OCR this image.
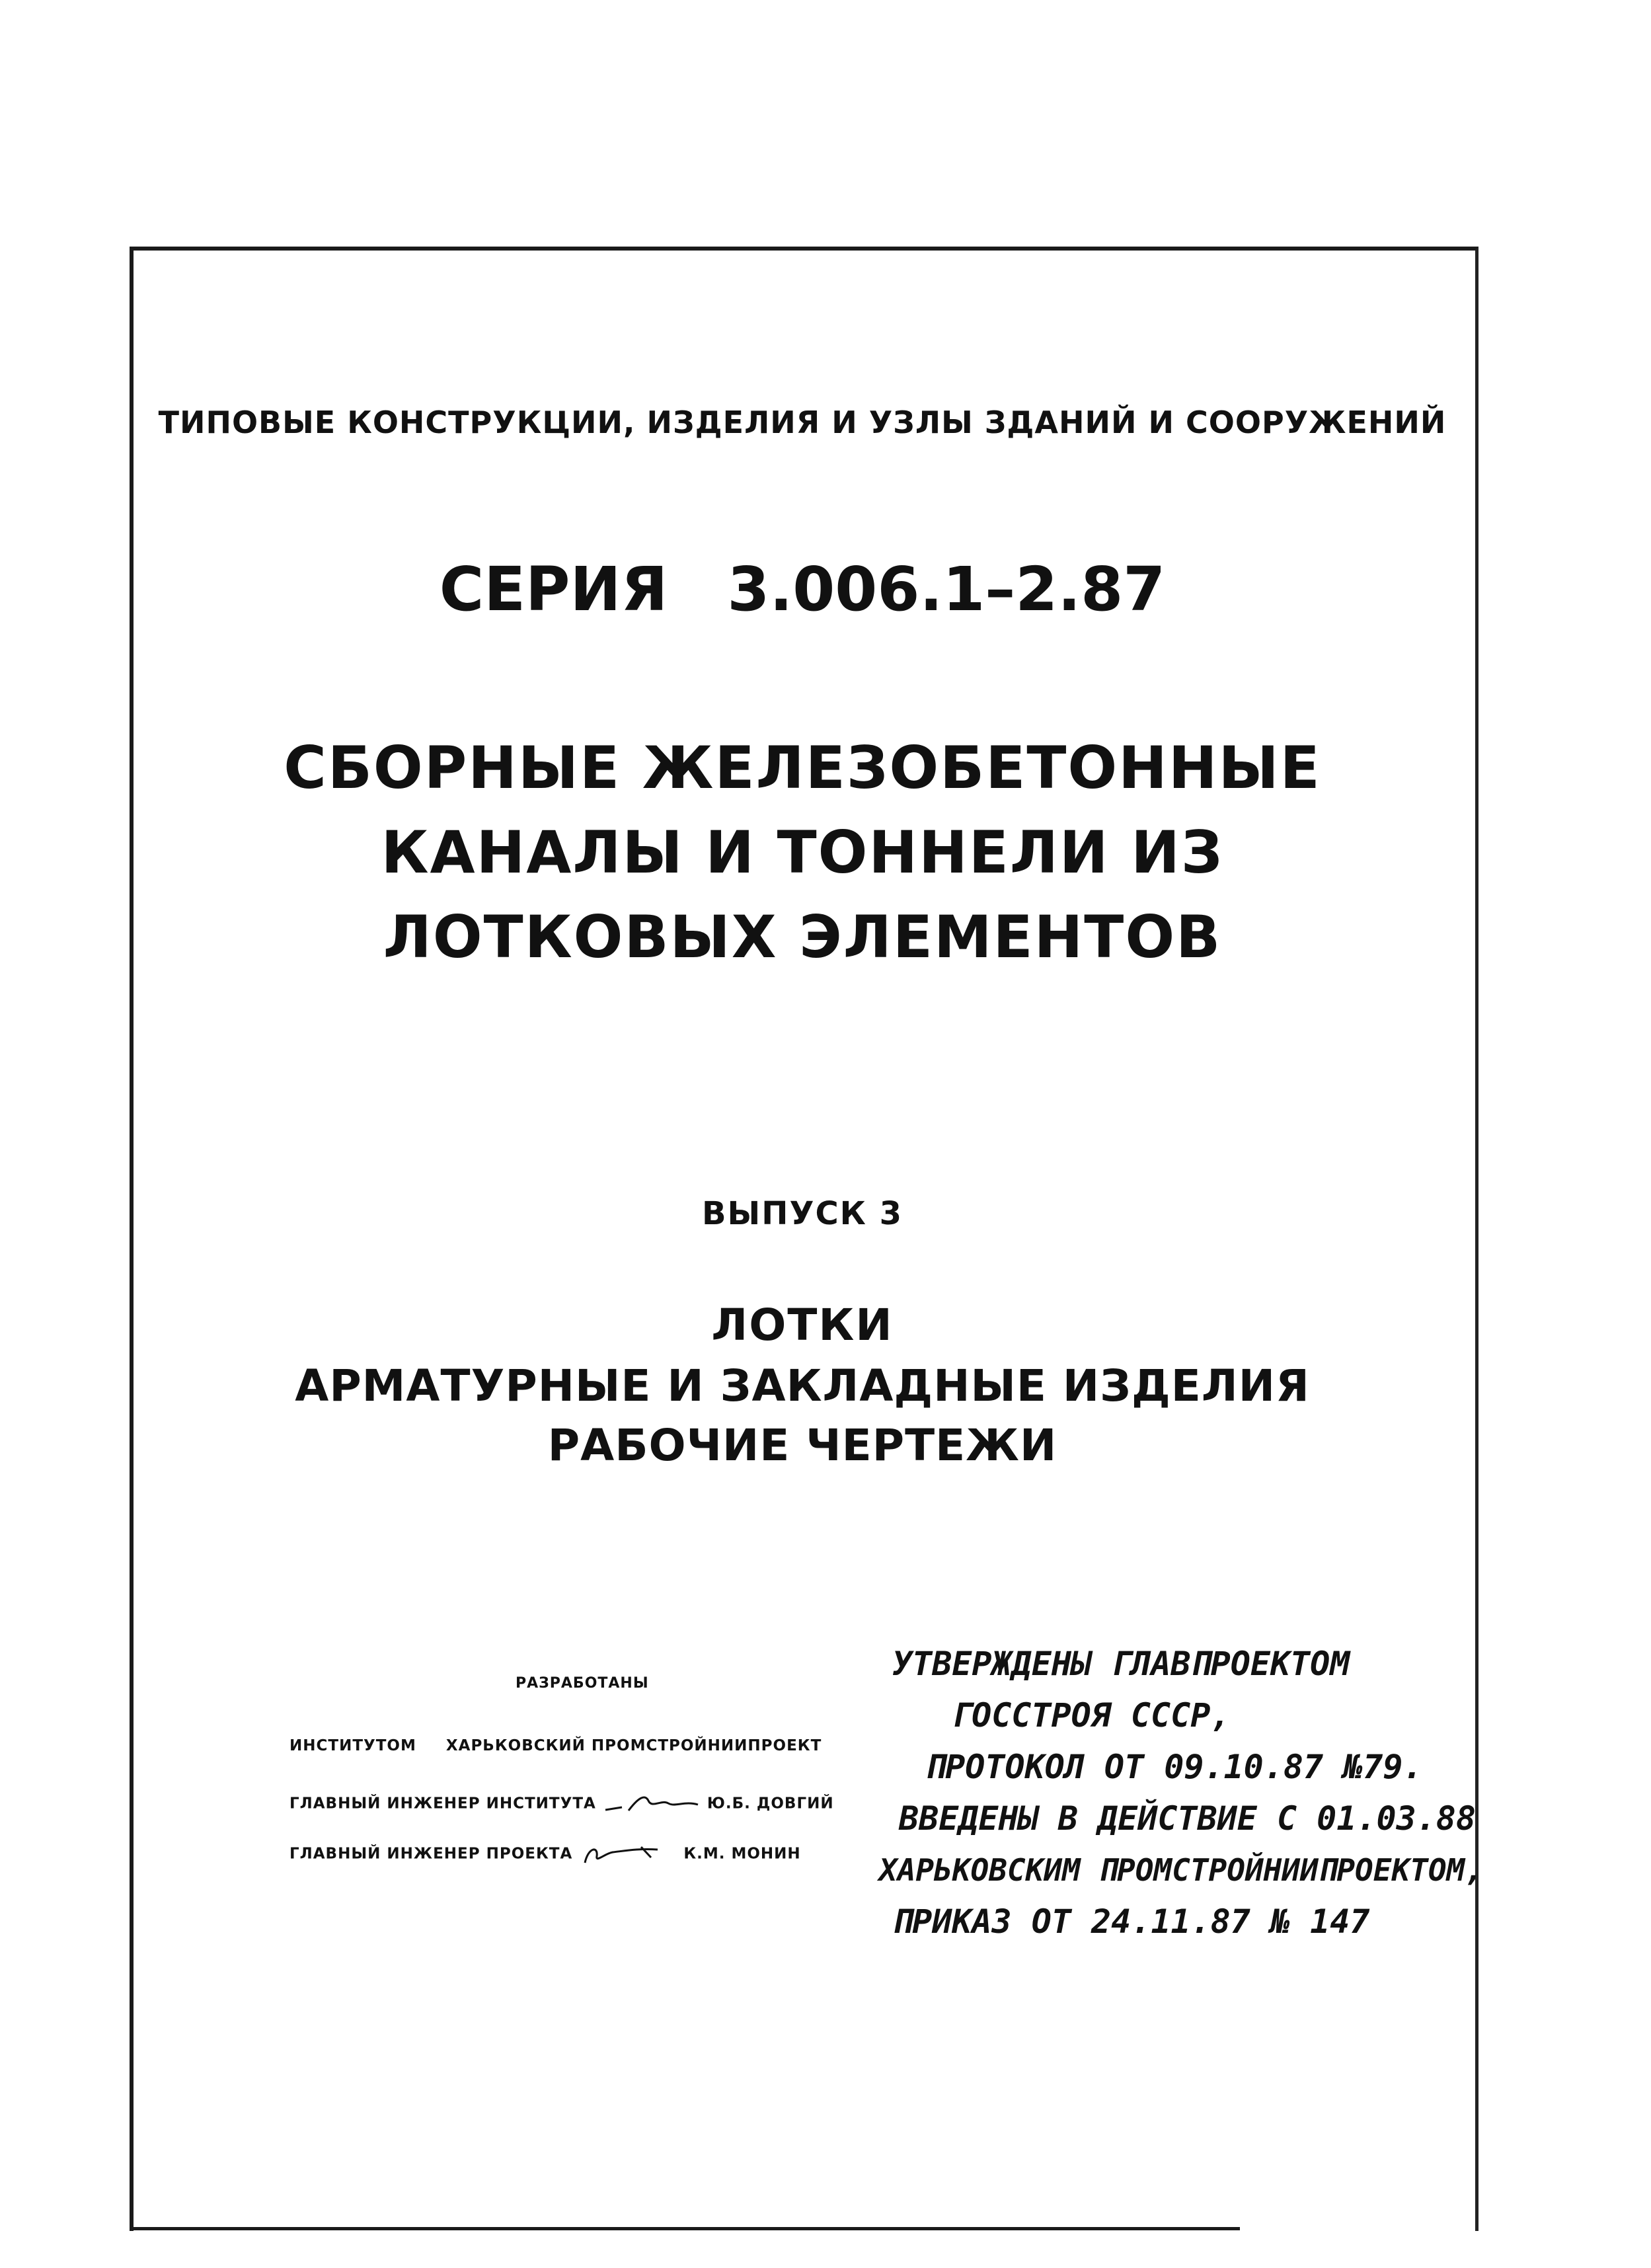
ТИПОВЫЕ КОНСТРУКЦИИ, ИЗДЕЛИЯ И УЗЛЫ ЗДАНИЙ И СООРУЖЕНИЙ
СЕРИЯ 3.006.1–2.87
СБОРНЫЕ ЖЕЛЕЗОБЕТОННЫЕ
КАНАЛЫ И ТОННЕЛИ ИЗ
ЛОТКОВЫХ ЭЛЕМЕНТОВ
ВЫПУСК 3
ЛОТКИ
АРМАТУРНЫЕ И ЗАКЛАДНЫЕ ИЗДЕЛИЯ
РАБОЧИЕ ЧЕРТЕЖИ
РАЗРАБОТАНЫ
ИНСТИТУТОМ ХАРЬКОВСКИЙ ПРОМСТРОЙНИИПРОЕКТ
ГЛАВНЫЙ ИНЖЕНЕР ИНСТИТУТА	Ю.Б. ДОВГИЙ
ГЛАВНЫЙ ИНЖЕНЕР ПРОЕКТА	К.М. МОНИН
УТВЕРЖДЕНЫ ГЛАВПРОЕКТОМ
ГОССТРОЯ СССР,
ПРОТОКОЛ ОТ 09.10.87 №79.
ВВЕДЕНЫ В ДЕЙСТВИЕ С 01.03.88
ХАРЬКОВСКИМ ПРОМСТРОЙНИИПРОЕКТОМ,
ПРИКАЗ ОТ 24.11.87 № 147
